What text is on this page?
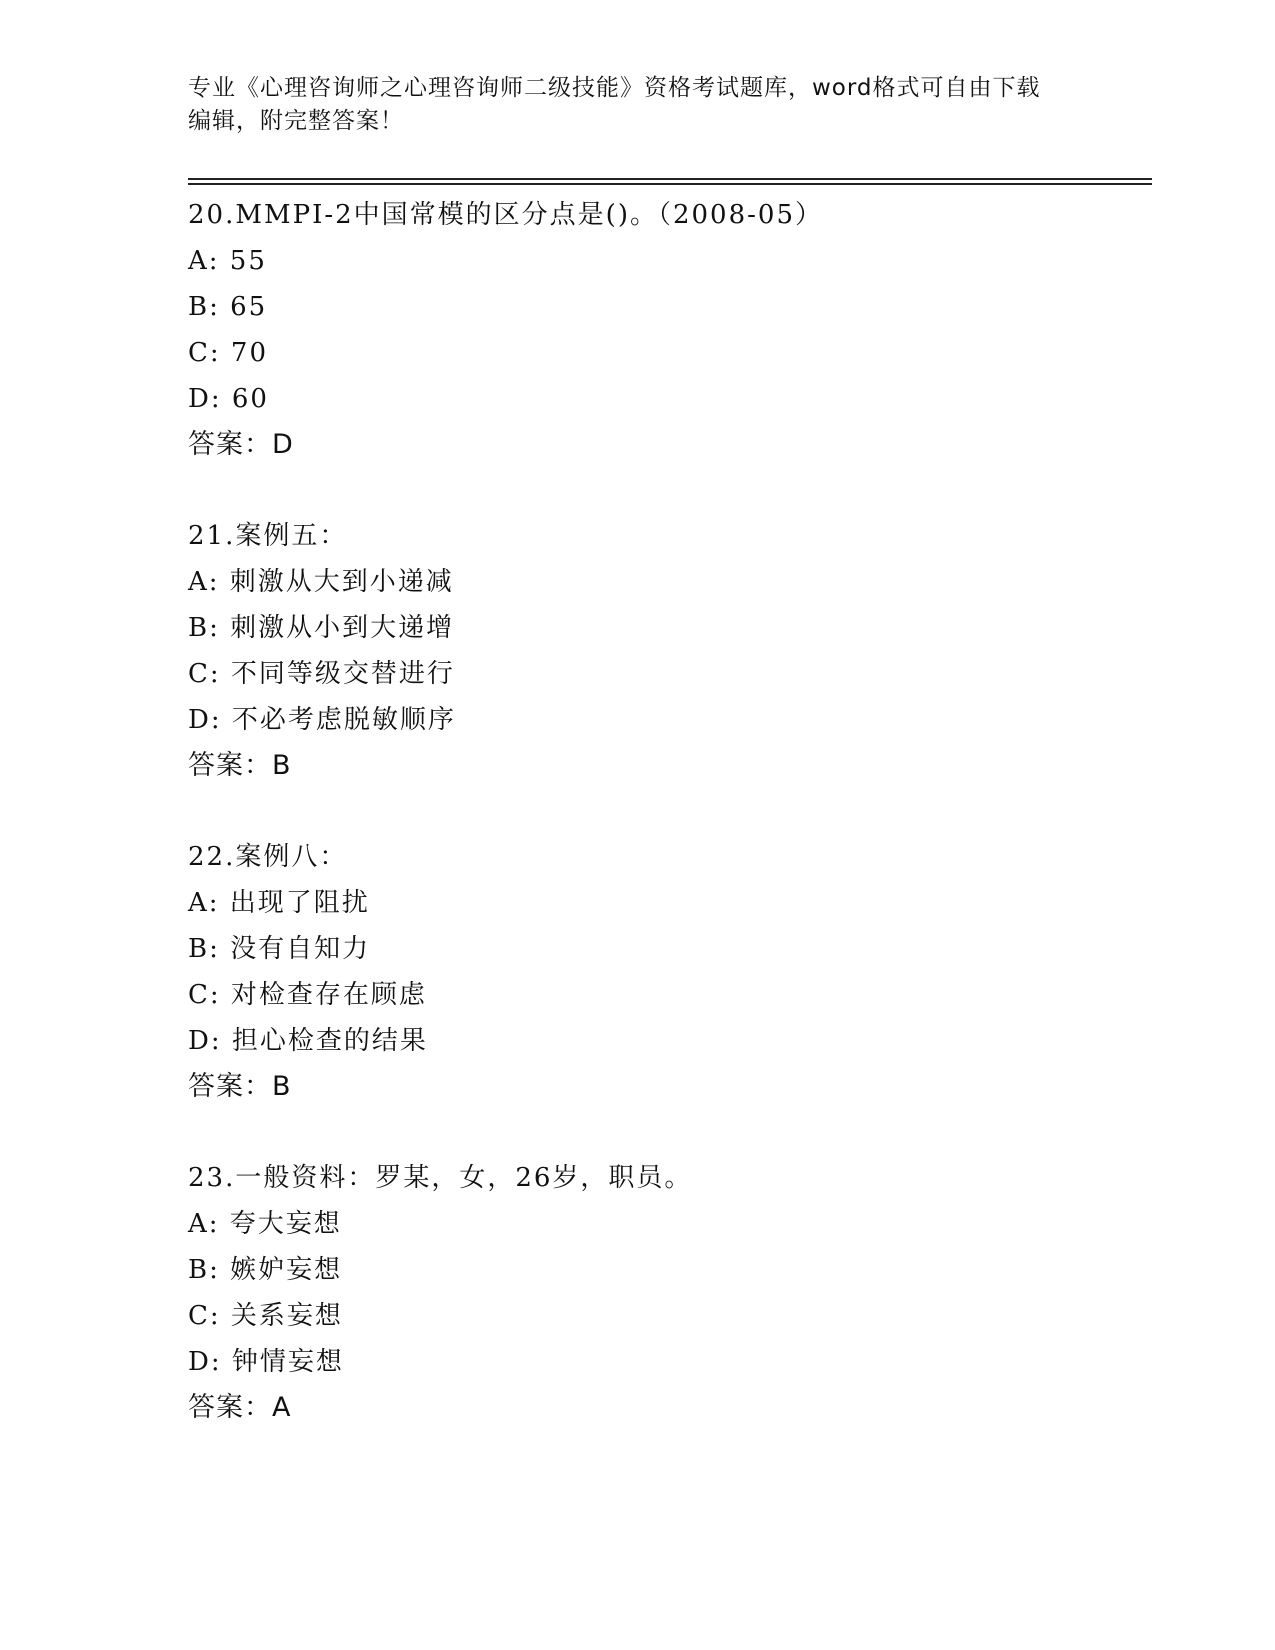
专业《心理咨询师之心理咨询师二级技能》资格考试题库，word格式可自由下载
编辑，附完整答案！
20.MMPI-2中国常模的区分点是()。（2008-05）
A: 55
B: 65
C: 70
D: 60
答案：D
21.案例五：
A: 刺激从大到小递减
B: 刺激从小到大递增
C: 不同等级交替进行
D: 不必考虑脱敏顺序
答案：B
22.案例八：
A: 出现了阻扰
B: 没有自知力
C: 对检查存在顾虑
D: 担心检查的结果
答案：B
23.一般资料：罗某，女，26岁，职员。
A: 夸大妄想
B: 嫉妒妄想
C: 关系妄想
D: 钟情妄想
答案：A
